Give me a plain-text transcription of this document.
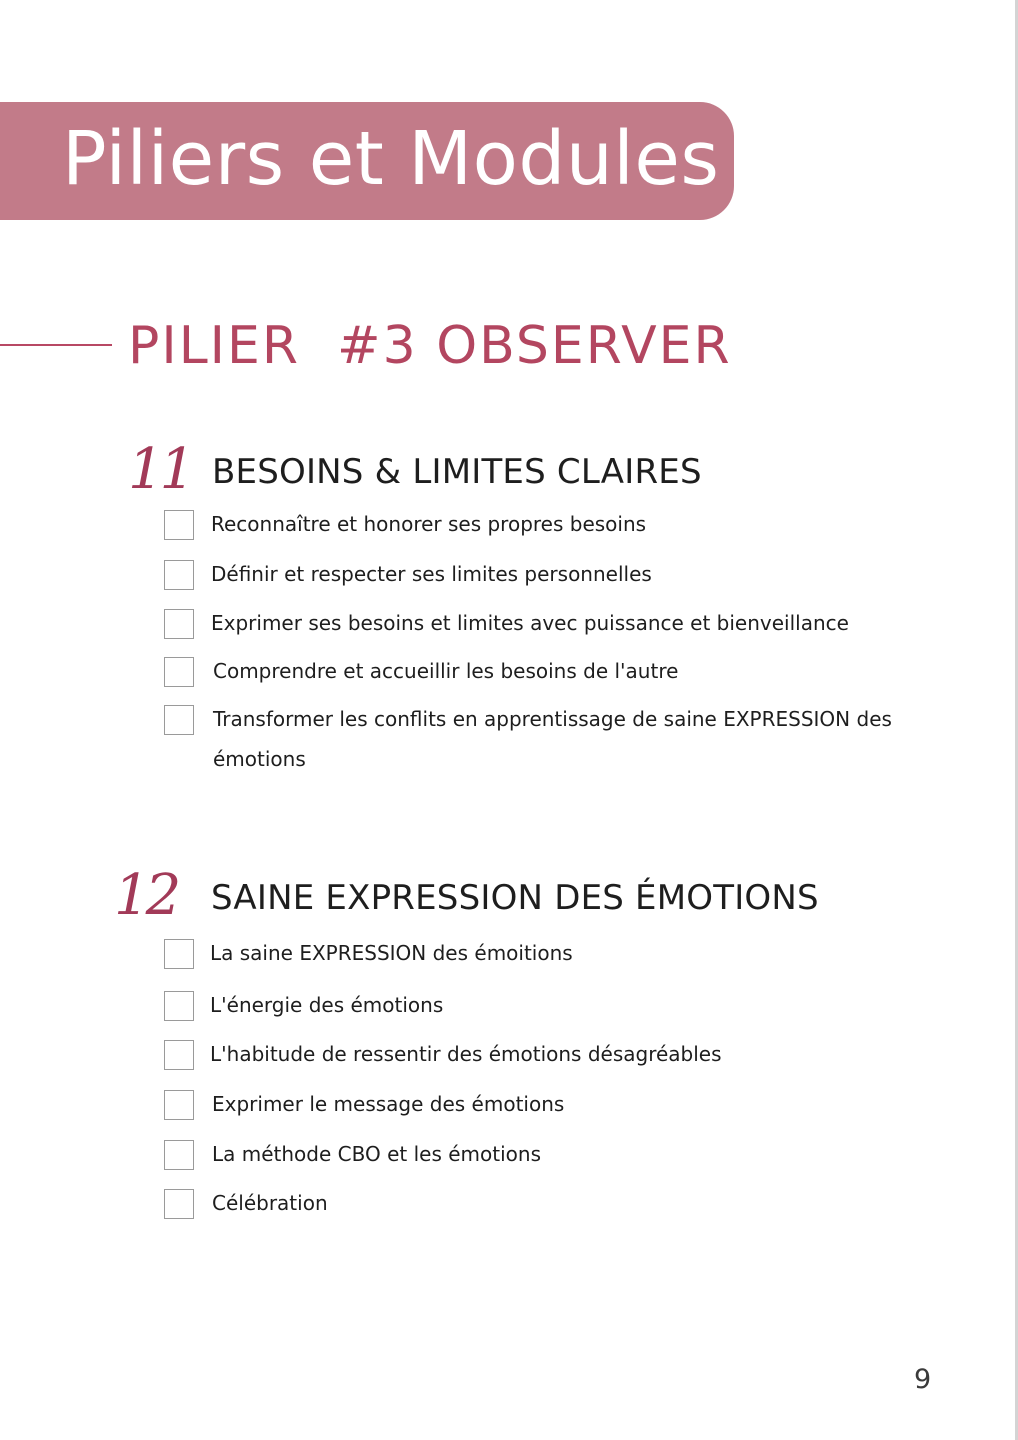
Piliers et Modules
PILIER  #3 OBSERVER
11 BESOINS & LIMITES CLAIRES
Reconnaître et honorer ses propres besoins
Définir et respecter ses limites personnelles
Exprimer ses besoins et limites avec puissance et bienveillance
Comprendre et accueillir les besoins de l'autre
Transformer les conflits en apprentissage de saine EXPRESSION des émotions
12 SAINE EXPRESSION DES ÉMOTIONS
La saine EXPRESSION des émoitions
L'énergie des émotions
L'habitude de ressentir des émotions désagréables
Exprimer le message des émotions
La méthode CBO et les émotions
Célébration
9
